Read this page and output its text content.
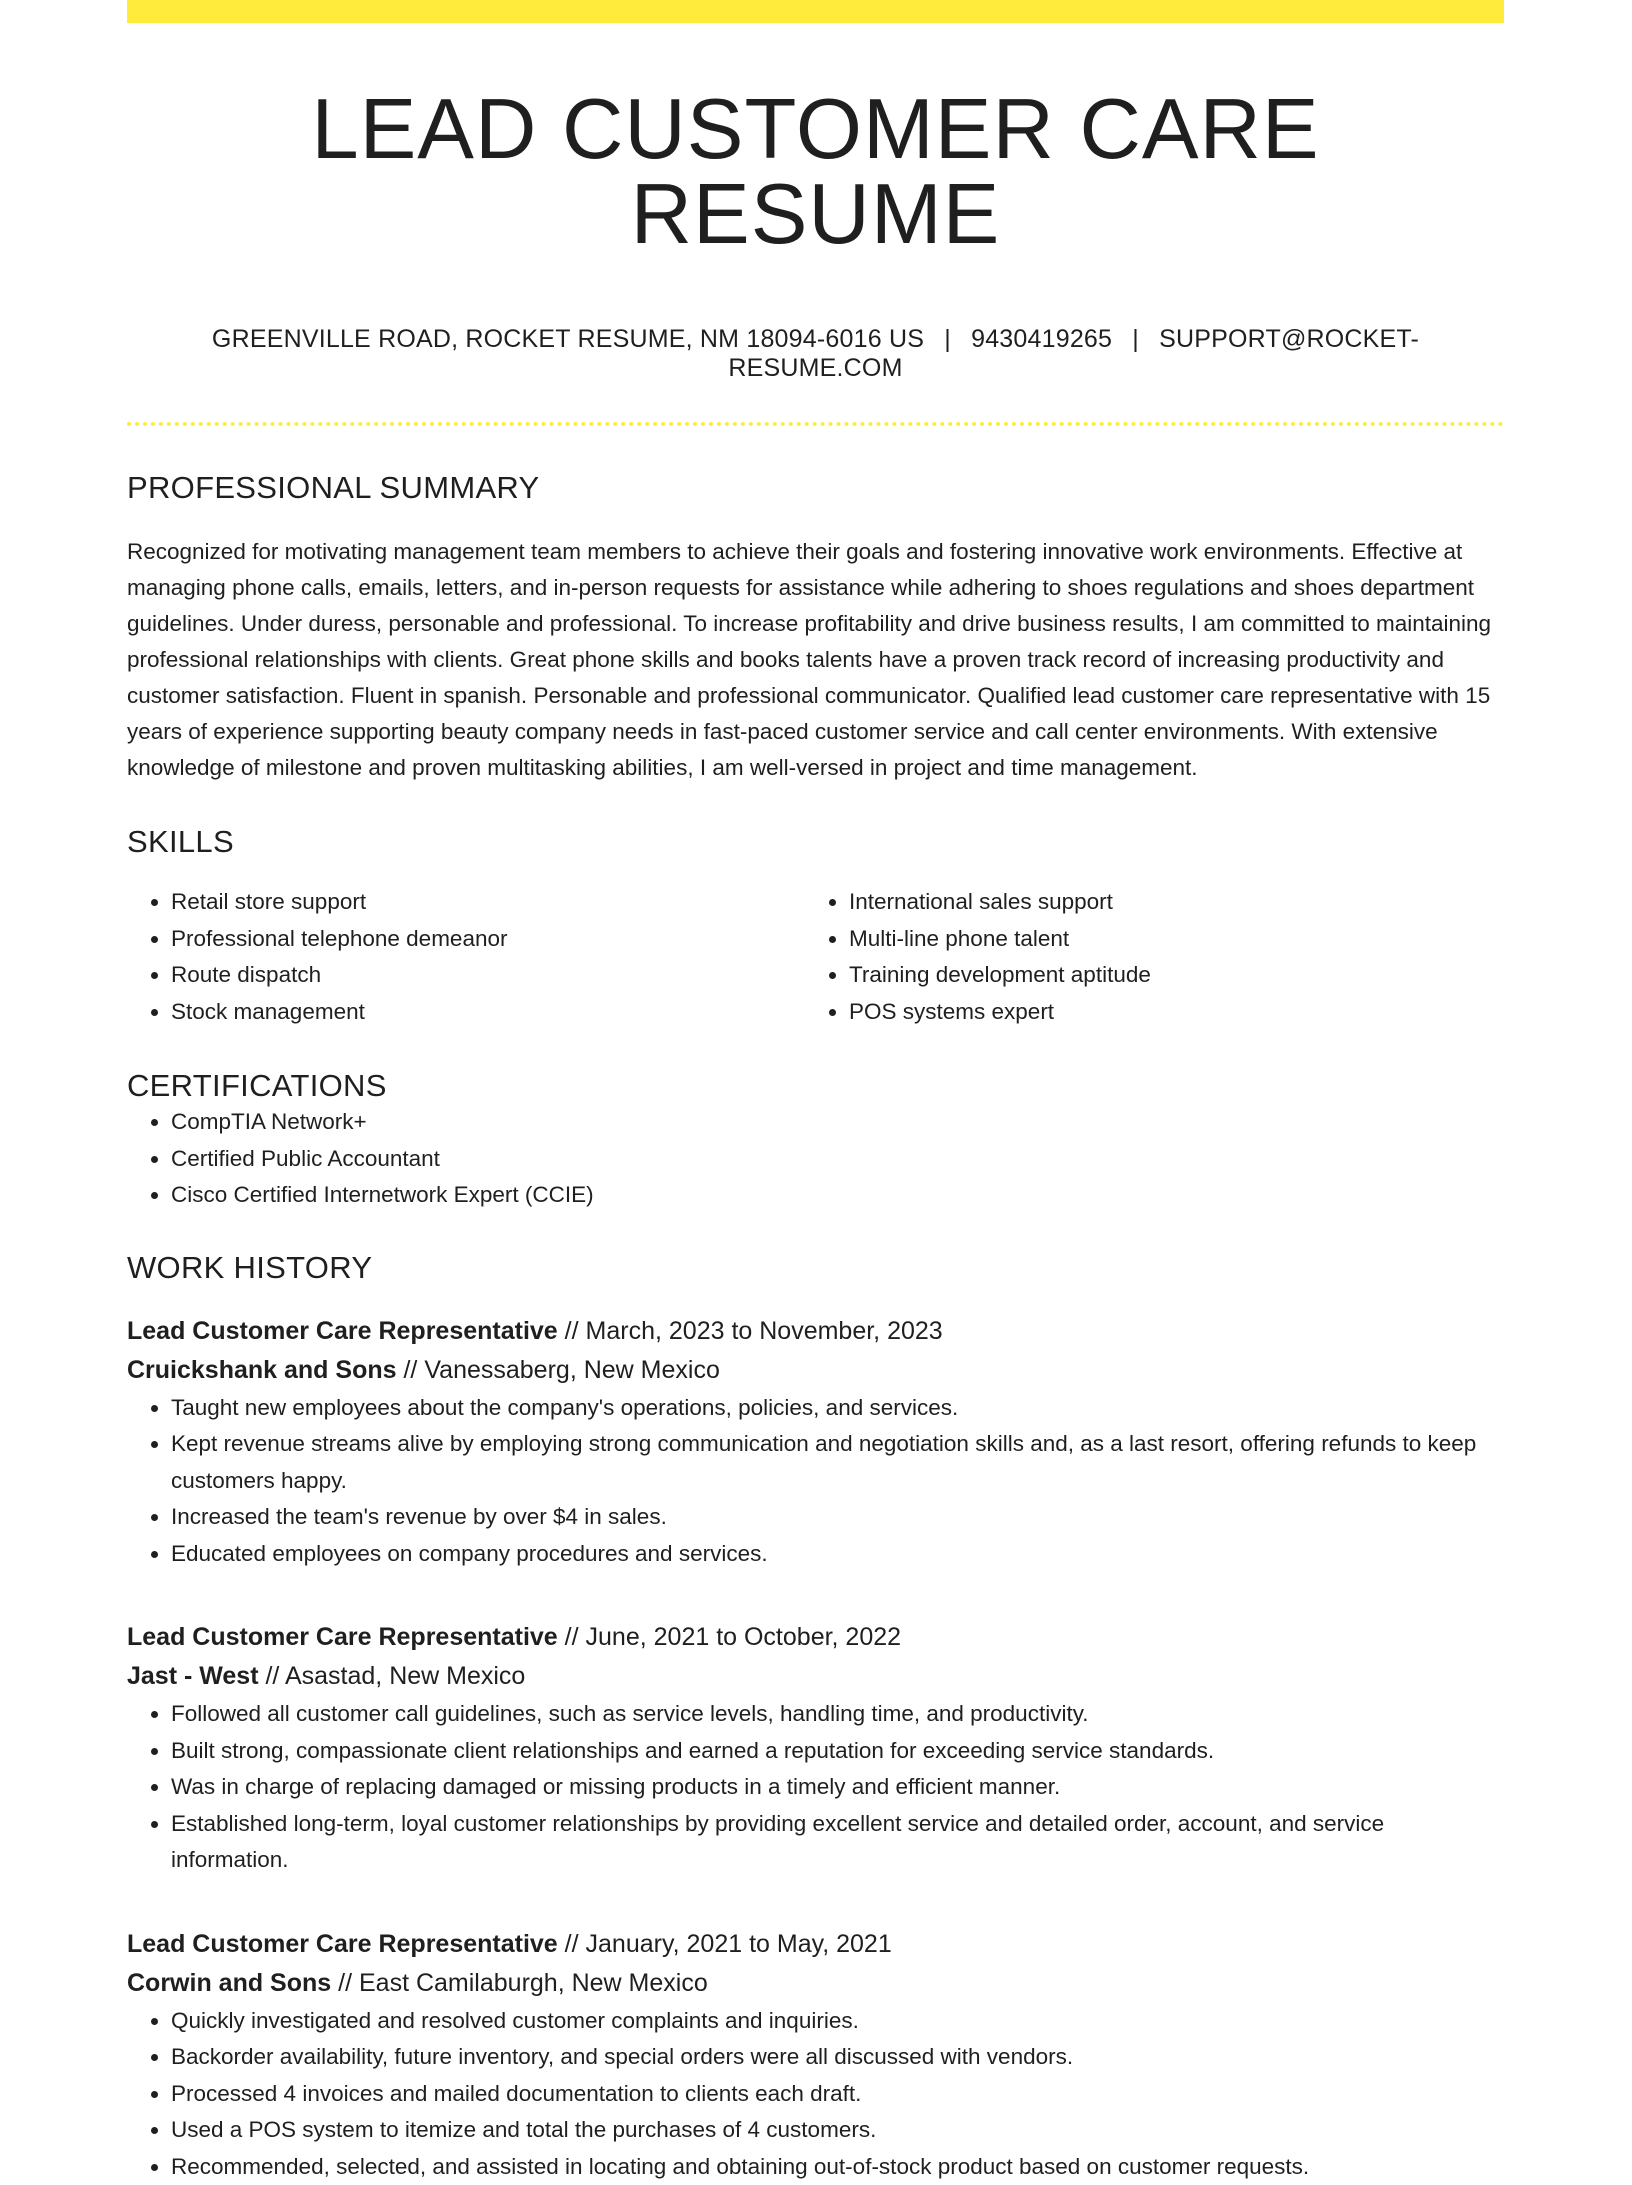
LEAD CUSTOMER CARE RESUME
GREENVILLE ROAD, ROCKET RESUME, NM 18094-6016 US | 9430419265 | SUPPORT@ROCKET-RESUME.COM
PROFESSIONAL SUMMARY

Recognized for motivating management team members to achieve their goals and fostering innovative work environments. Effective at managing phone calls, emails, letters, and in-person requests for assistance while adhering to shoes regulations and shoes department guidelines. Under duress, personable and professional. To increase profitability and drive business results, I am committed to maintaining professional relationships with clients. Great phone skills and books talents have a proven track record of increasing productivity and customer satisfaction. Fluent in spanish. Personable and professional communicator. Qualified lead customer care representative with 15 years of experience supporting beauty company needs in fast-paced customer service and call center environments. With extensive knowledge of milestone and proven multitasking abilities, I am well-versed in project and time management.

SKILLS
• Retail store support
• Professional telephone demeanor
• Route dispatch
• Stock management
• International sales support
• Multi-line phone talent
• Training development aptitude
• POS systems expert
CERTIFICATIONS
• CompTIA Network+
• Certified Public Accountant
• Cisco Certified Internetwork Expert (CCIE)
WORK HISTORY
Lead Customer Care Representative // March, 2023 to November, 2023
Cruickshank and Sons // Vanessaberg, New Mexico
• Taught new employees about the company's operations, policies, and services.
• Kept revenue streams alive by employing strong communication and negotiation skills and, as a last resort, offering refunds to keep customers happy.
• Increased the team's revenue by over $4 in sales.
• Educated employees on company procedures and services.
Lead Customer Care Representative // June, 2021 to October, 2022
Jast - West // Asastad, New Mexico
• Followed all customer call guidelines, such as service levels, handling time, and productivity.
• Built strong, compassionate client relationships and earned a reputation for exceeding service standards.
• Was in charge of replacing damaged or missing products in a timely and efficient manner.
• Established long-term, loyal customer relationships by providing excellent service and detailed order, account, and service information.
Lead Customer Care Representative // January, 2021 to May, 2021
Corwin and Sons // East Camilaburgh, New Mexico
• Quickly investigated and resolved customer complaints and inquiries.
• Backorder availability, future inventory, and special orders were all discussed with vendors.
• Processed 4 invoices and mailed documentation to clients each draft.
• Used a POS system to itemize and total the purchases of 4 customers.
• Recommended, selected, and assisted in locating and obtaining out-of-stock product based on customer requests.
